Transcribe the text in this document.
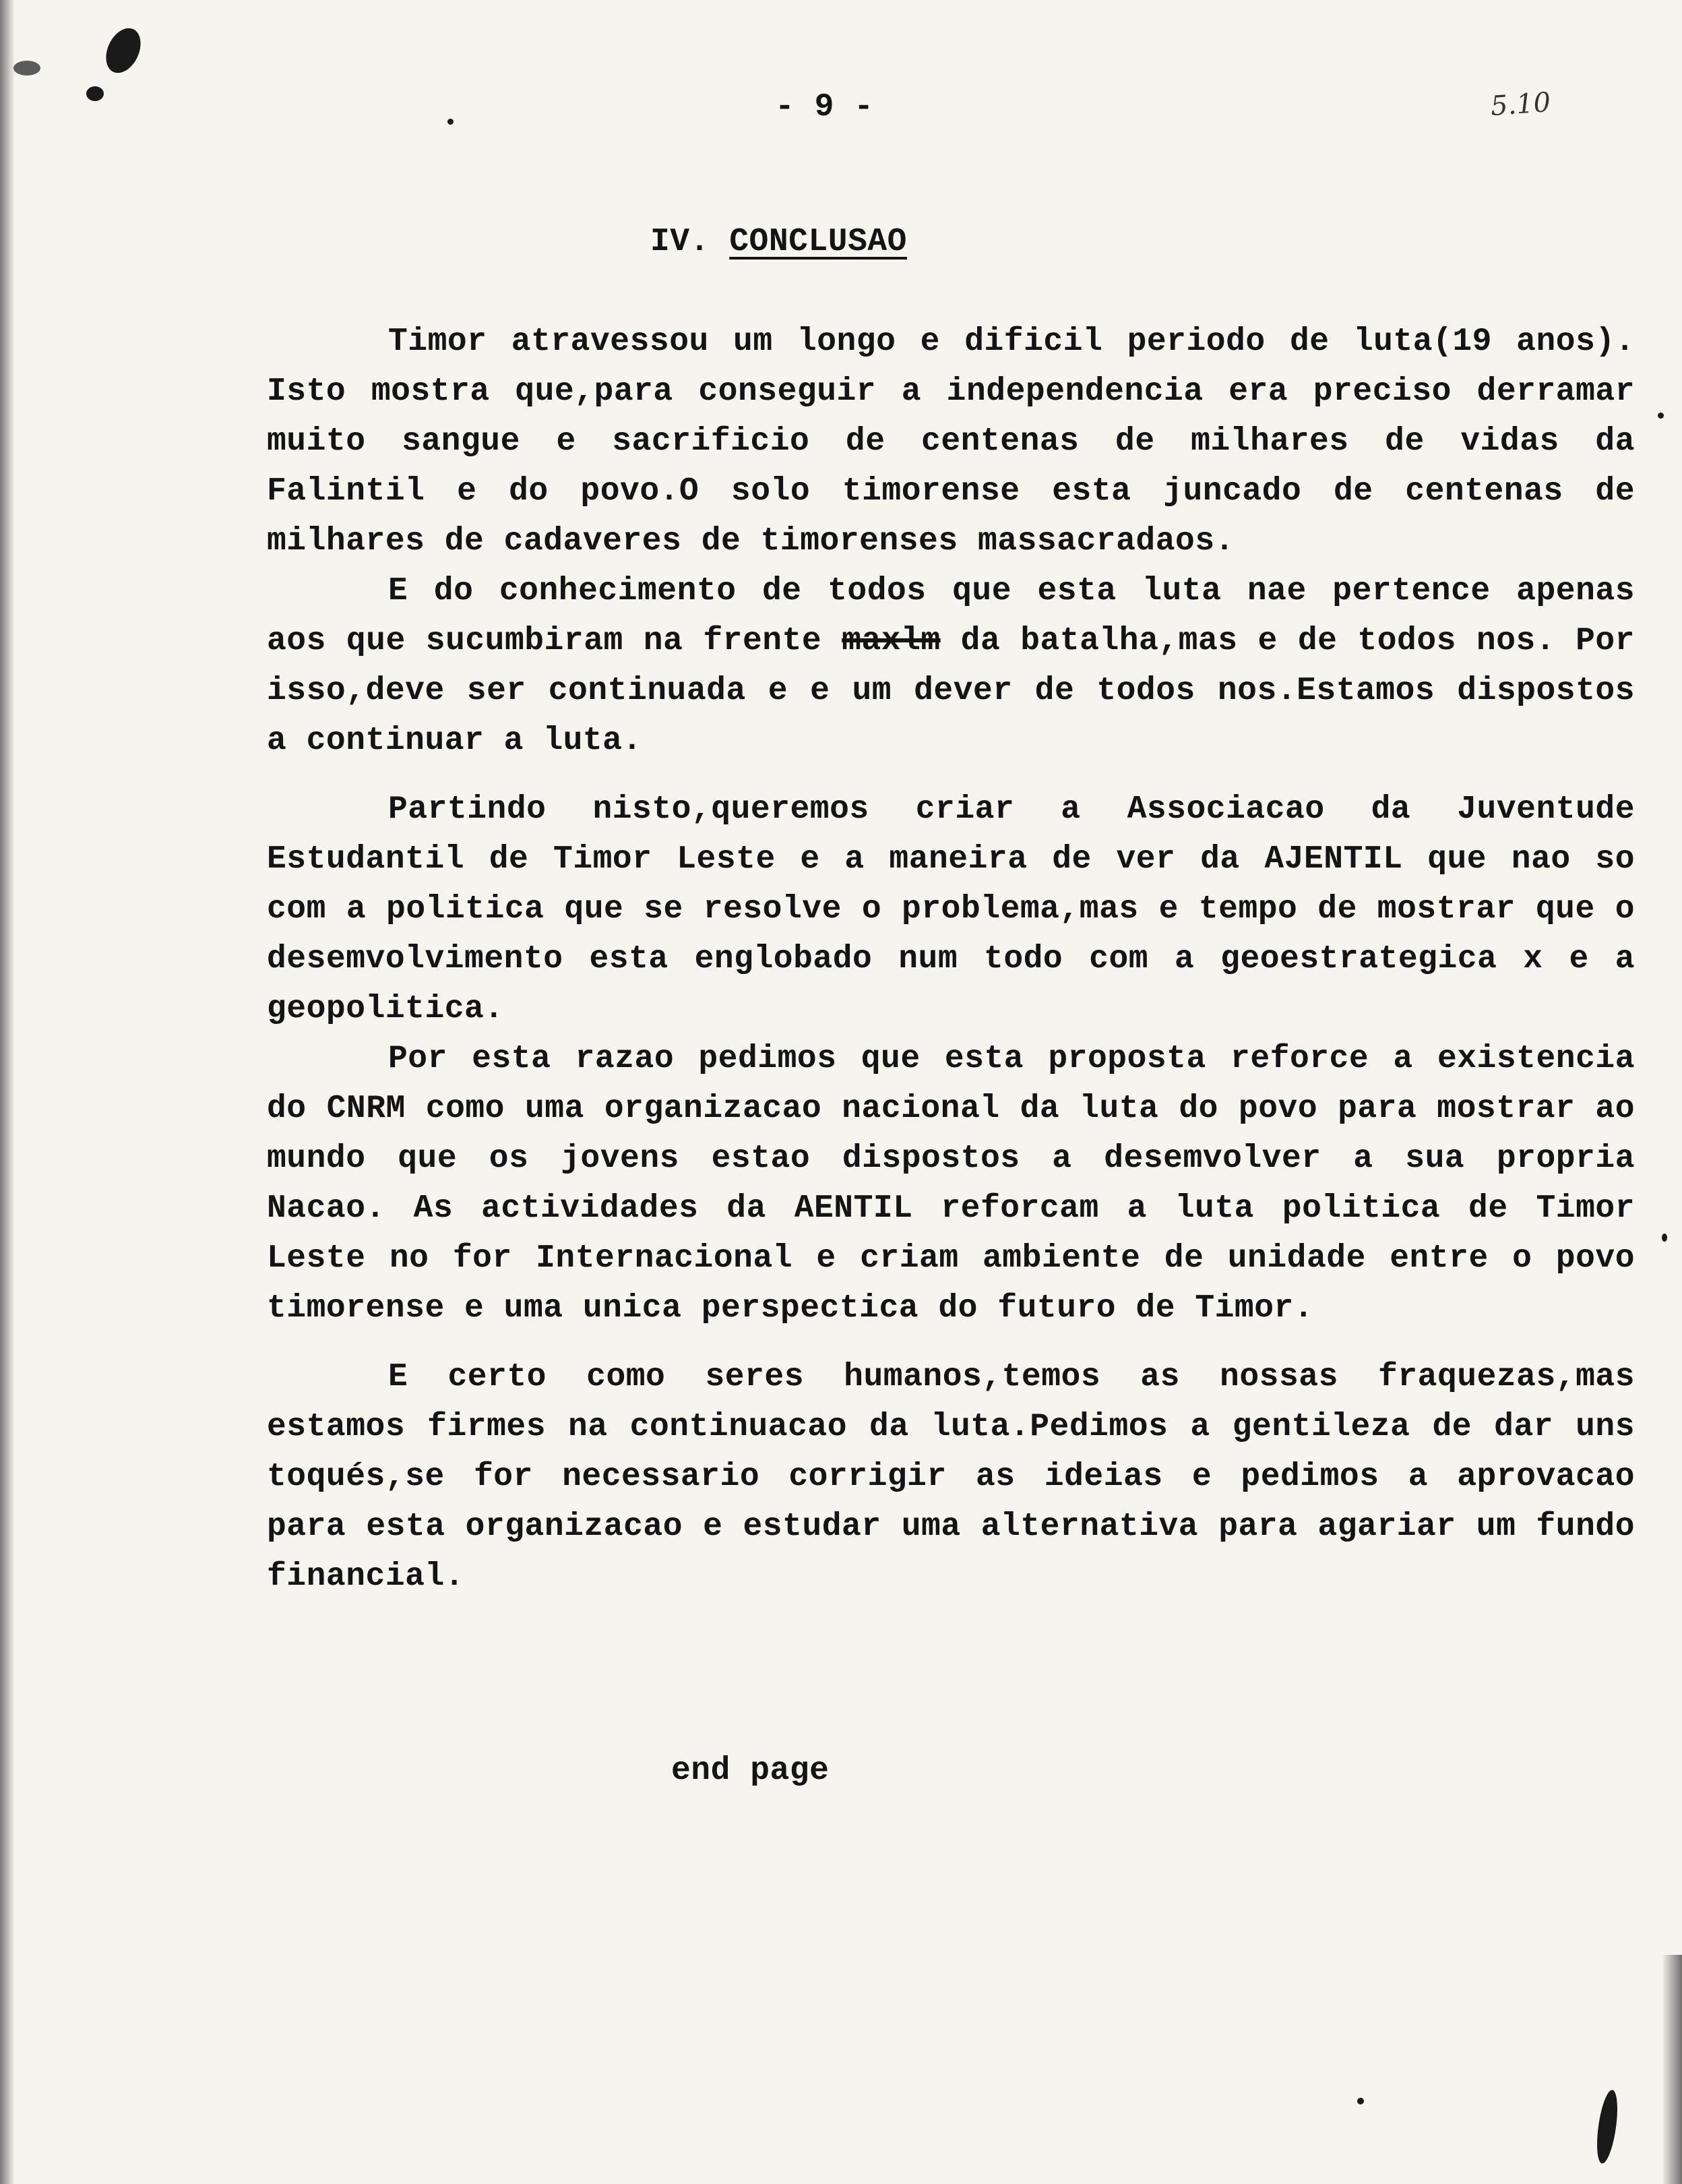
- 9 -	5.10
IV. CONCLUSAO

Timor atravessou um longo e dificil periodo de luta(19 anos). Isto mostra que,para conseguir a independencia era preciso derramar muito sangue e sacrificio de centenas de milhares de vidas da Falintil e do povo.O solo timorense esta juncado de centenas de milhares de cadaveres de timorenses massacradaos.

E do conhecimento de todos que esta luta nae pertence apenas aos que sucumbiram na frente maxlm da batalha,mas e de todos nos. Por isso,deve ser continuada e e um dever de todos nos.Estamos dispostos a continuar a luta.

Partindo nisto,queremos criar a Associacao da Juventude Estudantil de Timor Leste e a maneira de ver da AJENTIL que nao so com a politica que se resolve o problema,mas e tempo de mostrar que o desemvolvimento esta englobado num todo com a geoestrategica x e a geopolitica.

Por esta razao pedimos que esta proposta reforce a existencia do CNRM como uma organizacao nacional da luta do povo para mostrar ao mundo que os jovens estao dispostos a desemvolver a sua propria Nacao. As actividades da AENTIL reforcam a luta politica de Timor Leste no for Internacional e criam ambiente de unidade entre o povo timorense e uma unica perspectica do futuro de Timor.

E certo como seres humanos,temos as nossas fraquezas,mas estamos firmes na continuacao da luta.Pedimos a gentileza de dar uns toqués,se for necessario corrigir as ideias e pedimos a aprovacao para esta organizacao e estudar uma alternativa para agariar um fundo financial.

end page
